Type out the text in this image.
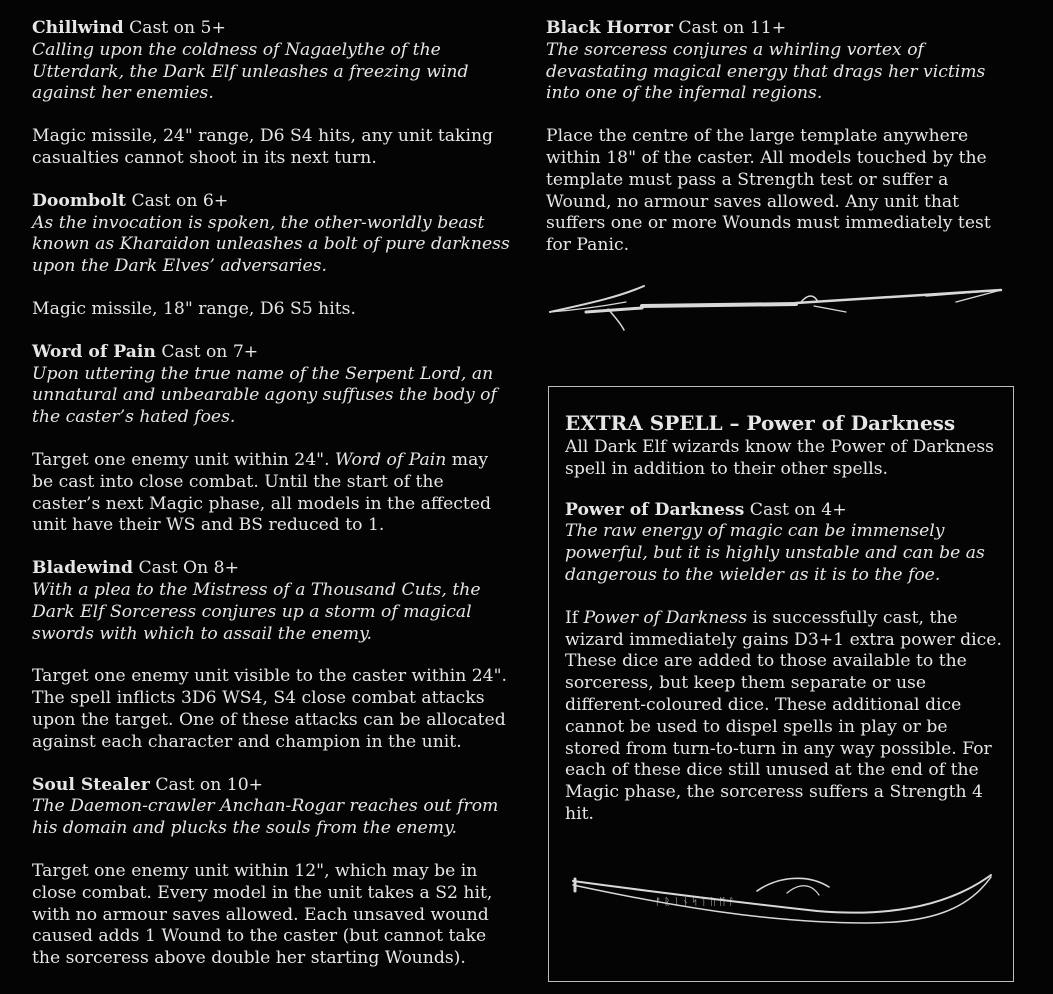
Chillwind Cast on 5+

Calling upon the coldness of Nagaelythe of the Utterdark, the Dark Elf unleashes a freezing wind against her enemies.

Magic missile, 24" range, D6 S4 hits, any unit taking casualties cannot shoot in its next turn.

Doombolt Cast on 6+

As the invocation is spoken, the other-worldly beast known as Kharaidon unleashes a bolt of pure darkness upon the Dark Elves’ adversaries.

Magic missile, 18" range, D6 S5 hits.

Word of Pain Cast on 7+

Upon uttering the true name of the Serpent Lord, an unnatural and unbearable agony suffuses the body of the caster’s hated foes.

Target one enemy unit within 24". Word of Pain may be cast into close combat. Until the start of the caster’s next Magic phase, all models in the affected unit have their WS and BS reduced to 1.

Bladewind Cast On 8+

With a plea to the Mistress of a Thousand Cuts, the Dark Elf Sorceress conjures up a storm of magical swords with which to assail the enemy.

Target one enemy unit visible to the caster within 24". The spell inflicts 3D6 WS4, S4 close combat attacks upon the target. One of these attacks can be allocated against each character and champion in the unit.

Soul Stealer Cast on 10+

The Daemon-crawler Anchan-Rogar reaches out from his domain and plucks the souls from the enemy.

Target one enemy unit within 12", which may be in close combat. Every model in the unit takes a S2 hit, with no armour saves allowed. Each unsaved wound caused adds 1 Wound to the caster (but cannot take the sorceress above double her starting Wounds).

Black Horror Cast on 11+

The sorceress conjures a whirling vortex of devastating magical energy that drags her victims into one of the infernal regions.

Place the centre of the large template anywhere within 18" of the caster. All models touched by the template must pass a Strength test or suffer a Wound, no armour saves allowed. Any unit that suffers one or more Wounds must immediately test for Panic.

EXTRA SPELL – Power of Darkness

All Dark Elf wizards know the Power of Darkness spell in addition to their other spells.

Power of Darkness Cast on 4+

The raw energy of magic can be immensely powerful, but it is highly unstable and can be as dangerous to the wielder as it is to the foe.

If Power of Darkness is successfully cast, the wizard immediately gains D3+1 extra power dice. These dice are added to those available to the sorceress, but keep them separate or use different-coloured dice. These additional dice cannot be used to dispel spells in play or be stored from turn-to-turn in any way possible. For each of these dice still unused at the end of the Magic phase, the sorceress suffers a Strength 4 hit.

ᚠ ᚱ ᛁ ᚾ ᛋ ᛏ ᚢ ᛗ ᛚ
